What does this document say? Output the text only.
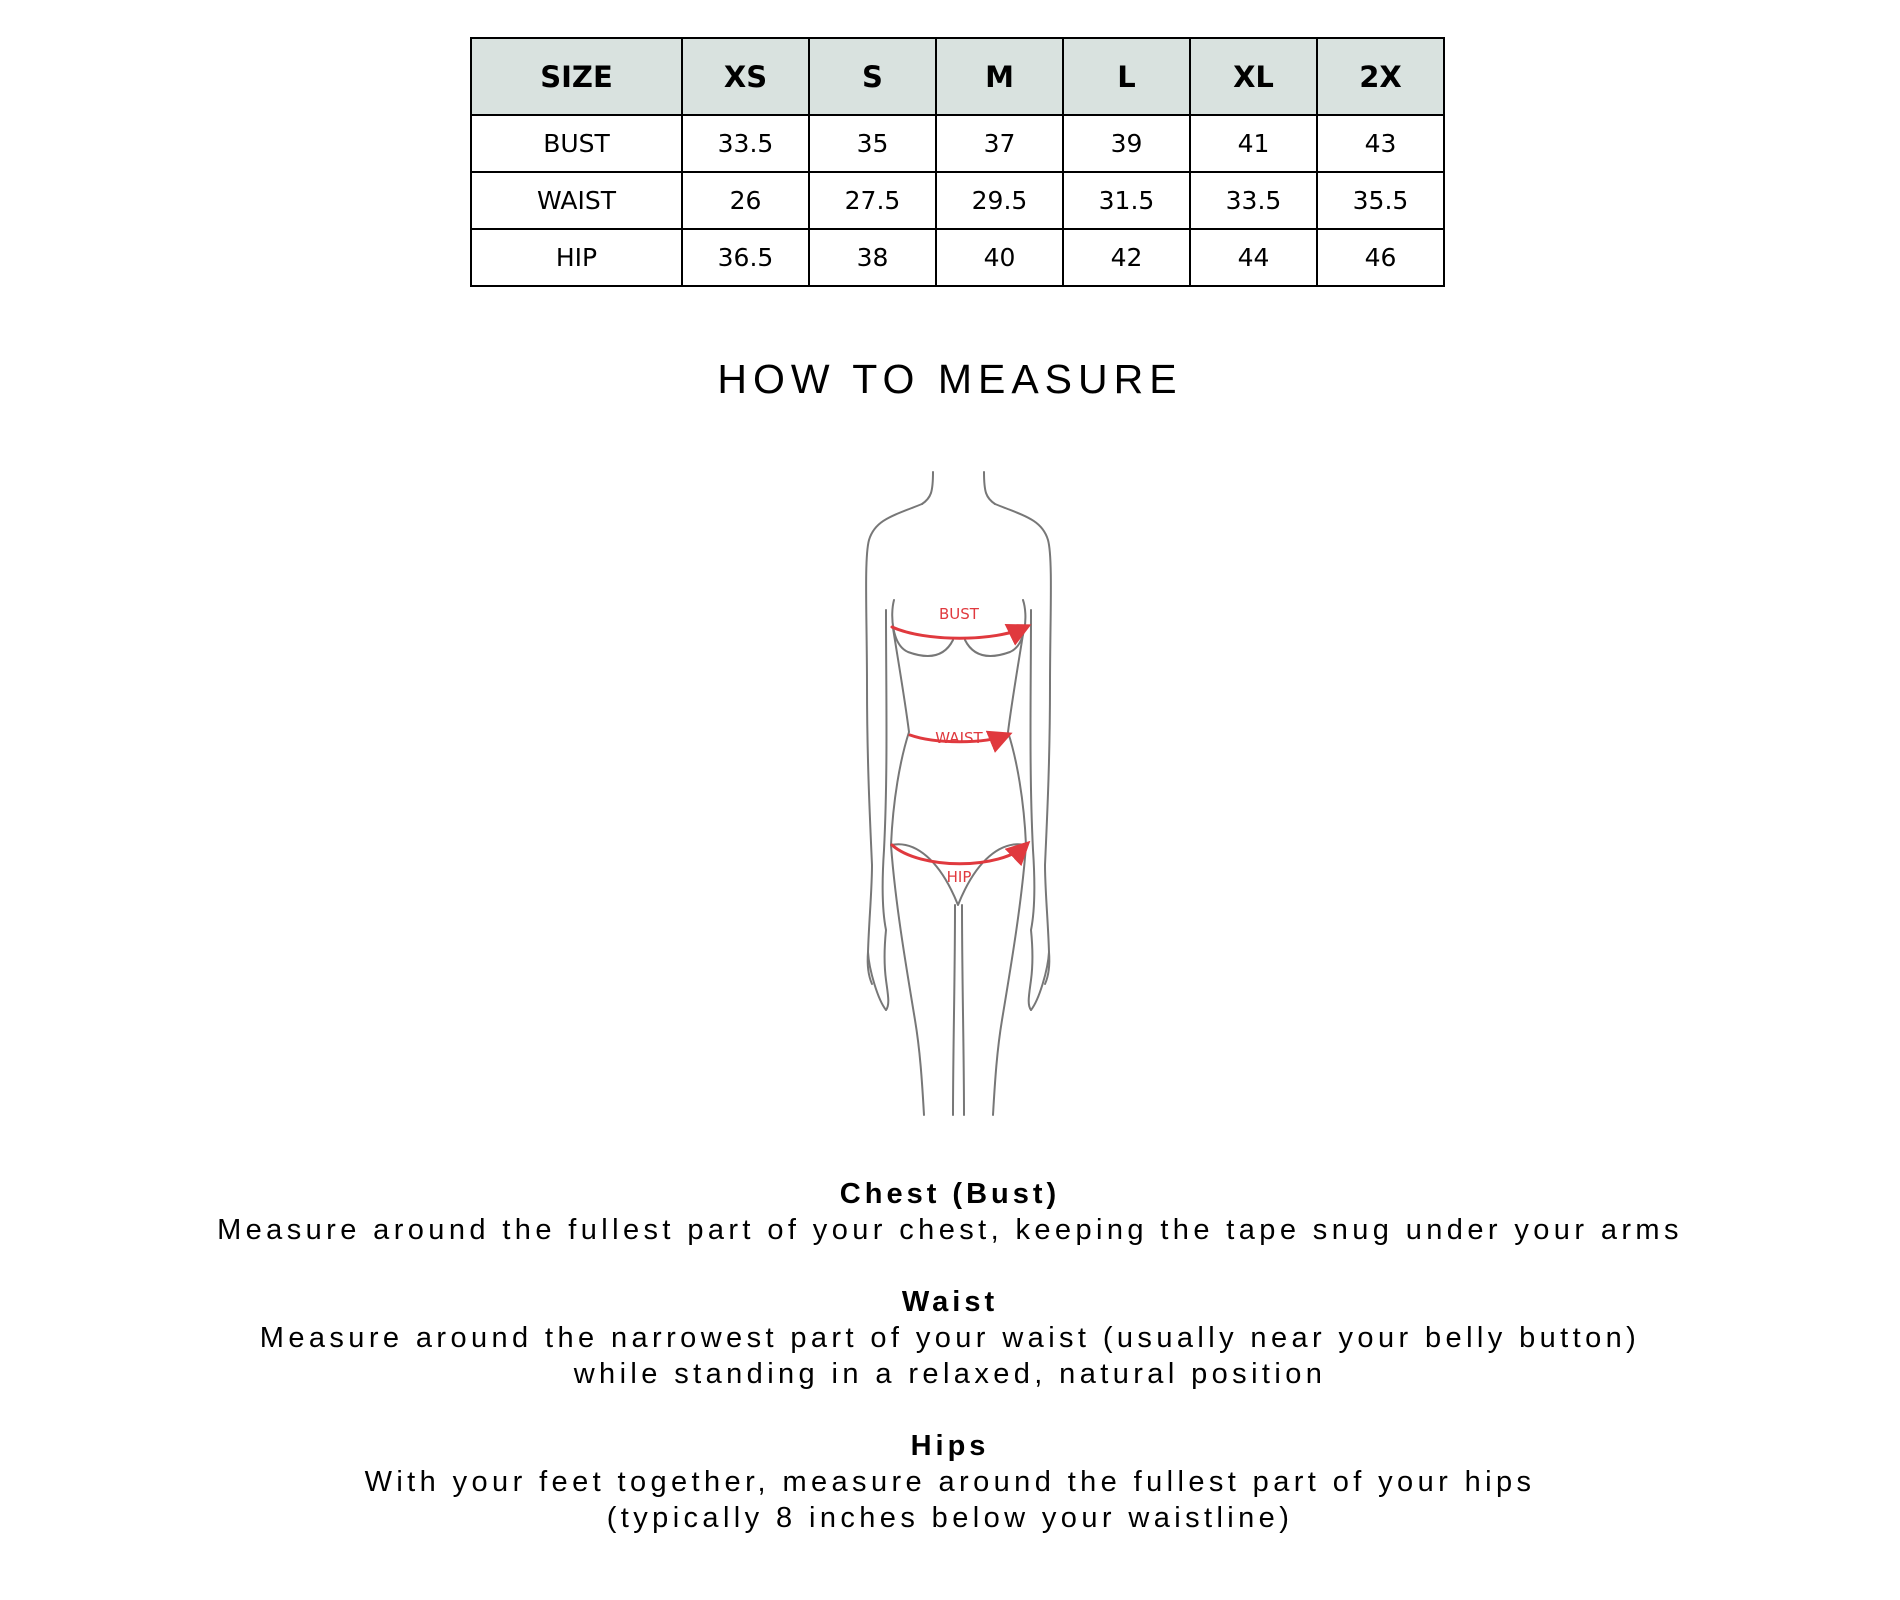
SIZE	XS	S	M	L	XL	2X
BUST	33.5	35	37	39	41	43
WAIST	26	27.5	29.5	31.5	33.5	35.5
HIP	36.5	38	40	42	44	46
HOW TO MEASURE
BUST
WAIST
HIP
Chest (Bust)
Measure around the fullest part of your chest, keeping the tape snug under your arms
Waist
Measure around the narrowest part of your waist (usually near your belly button)
while standing in a relaxed, natural position
Hips
With your feet together, measure around the fullest part of your hips
(typically 8 inches below your waistline)
